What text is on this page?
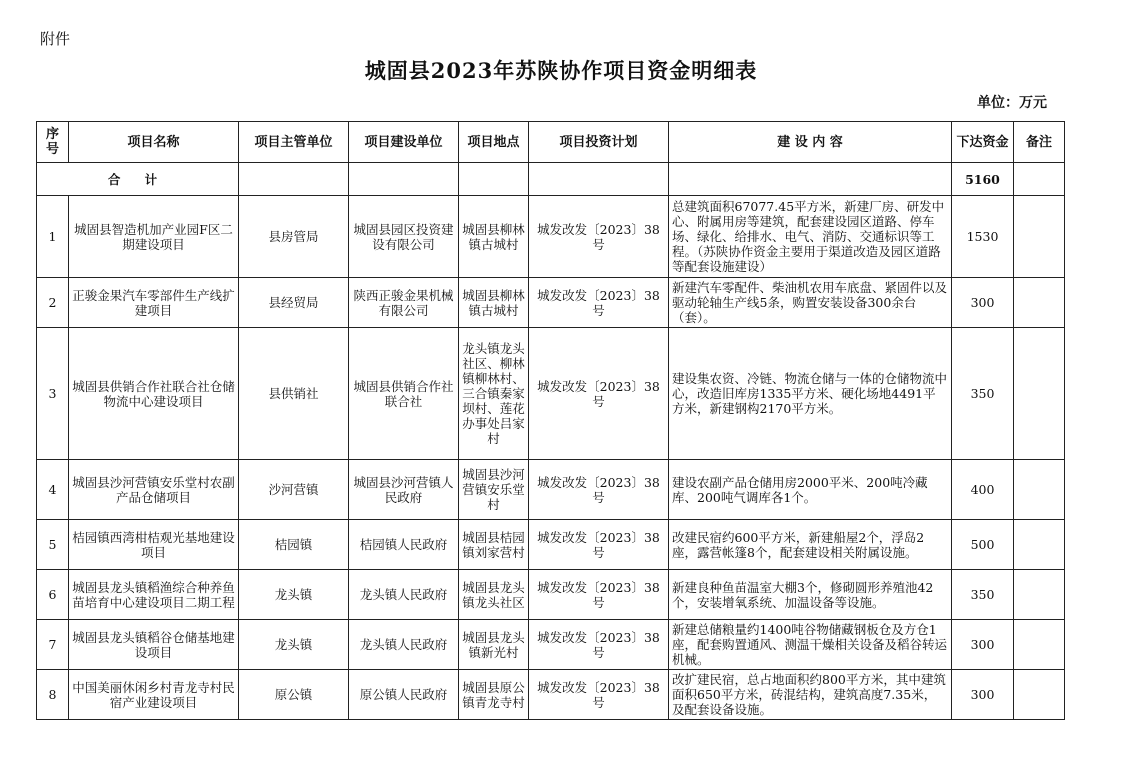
附件
城固县2023年苏陕协作项目资金明细表
单位：万元
序号	项目名称	项目主管单位	项目建设单位	项目地点	项目投资计划	建 设 内 容	下达资金	备注
合 计							5160	
1	城固县智造机加产业园F区二期建设项目	县房管局	城固县园区投资建设有限公司	城固县柳林镇古城村	城发改发〔2023〕38号	总建筑面积67077.45平方米，新建厂房、研发中心、附属用房等建筑，配套建设园区道路、停车场、绿化、给排水、电气、消防、交通标识等工程。（苏陕协作资金主要用于渠道改造及园区道路等配套设施建设）	1530	
2	正骏金果汽车零部件生产线扩建项目	县经贸局	陕西正骏金果机械有限公司	城固县柳林镇古城村	城发改发〔2023〕38号	新建汽车零配件、柴油机农用车底盘、紧固件以及驱动轮轴生产线5条，购置安装设备300余台（套）。	300	
3	城固县供销合作社联合社仓储物流中心建设项目	县供销社	城固县供销合作社联合社	龙头镇龙头社区、柳林镇柳林村、三合镇秦家坝村、莲花办事处吕家村	城发改发〔2023〕38号	建设集农资、冷链、物流仓储与一体的仓储物流中心，改造旧库房1335平方米、硬化场地4491平方米，新建钢构2170平方米。	350	
4	城固县沙河营镇安乐堂村农副产品仓储项目	沙河营镇	城固县沙河营镇人民政府	城固县沙河营镇安乐堂村	城发改发〔2023〕38号	建设农副产品仓储用房2000平米、200吨冷藏库、200吨气调库各1个。	400	
5	桔园镇西湾柑桔观光基地建设项目	桔园镇	桔园镇人民政府	城固县桔园镇刘家营村	城发改发〔2023〕38号	改建民宿约600平方米，新建船屋2个，浮岛2座，露营帐篷8个，配套建设相关附属设施。	500	
6	城固县龙头镇稻渔综合种养鱼苗培育中心建设项目二期工程	龙头镇	龙头镇人民政府	城固县龙头镇龙头社区	城发改发〔2023〕38号	新建良种鱼苗温室大棚3个，修砌圆形养殖池42个，安装增氧系统、加温设备等设施。	350	
7	城固县龙头镇稻谷仓储基地建设项目	龙头镇	龙头镇人民政府	城固县龙头镇新光村	城发改发〔2023〕38号	新建总储粮量约1400吨谷物储藏钢板仓及方仓1座，配套购置通风、测温干燥相关设备及稻谷转运机械。	300	
8	中国美丽休闲乡村青龙寺村民宿产业建设项目	原公镇	原公镇人民政府	城固县原公镇青龙寺村	城发改发〔2023〕38号	改扩建民宿，总占地面积约800平方米，其中建筑面积650平方米，砖混结构，建筑高度7.35米，及配套设备设施。	300	
